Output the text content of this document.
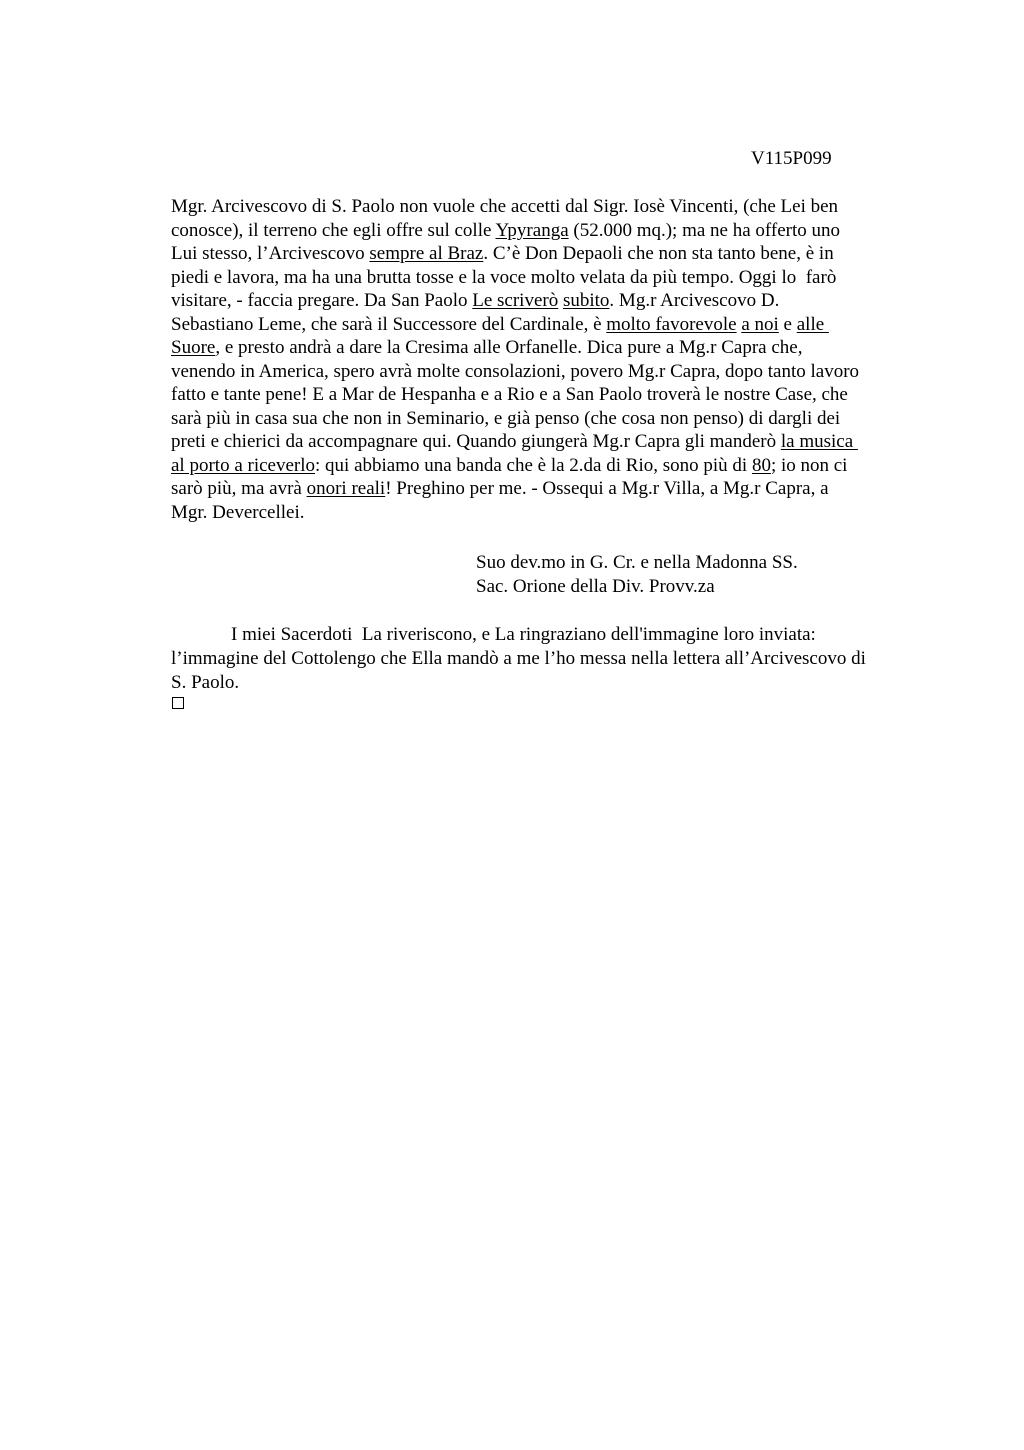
V115P099
Mgr. Arcivescovo di S. Paolo non vuole che accetti dal Sigr. Iosè Vincenti, (che Lei ben
conosce), il terreno che egli offre sul colle Ypyranga (52.000 mq.); ma ne ha offerto uno
Lui stesso, l’Arcivescovo sempre al Braz. C’è Don Depaoli che non sta tanto bene, è in
piedi e lavora, ma ha una brutta tosse e la voce molto velata da più tempo. Oggi lo  farò
visitare, - faccia pregare. Da San Paolo Le scriverò subito. Mg.r Arcivescovo D.
Sebastiano Leme, che sarà il Successore del Cardinale, è molto favorevole a noi e alle
Suore, e presto andrà a dare la Cresima alle Orfanelle. Dica pure a Mg.r Capra che,
venendo in America, spero avrà molte consolazioni, povero Mg.r Capra, dopo tanto lavoro
fatto e tante pene! E a Mar de Hespanha e a Rio e a San Paolo troverà le nostre Case, che
sarà più in casa sua che non in Seminario, e già penso (che cosa non penso) di dargli dei
preti e chierici da accompagnare qui. Quando giungerà Mg.r Capra gli manderò la musica
al porto a riceverlo: qui abbiamo una banda che è la 2.da di Rio, sono più di 80; io non ci
sarò più, ma avrà onori reali! Preghino per me. - Ossequi a Mg.r Villa, a Mg.r Capra, a
Mgr. Devercellei.
Suo dev.mo in G. Cr. e nella Madonna SS.
Sac. Orione della Div. Provv.za
I miei Sacerdoti  La riveriscono, e La ringraziano dell'immagine loro inviata:
l’immagine del Cottolengo che Ella mandò a me l’ho messa nella lettera all’Arcivescovo di
S. Paolo.
